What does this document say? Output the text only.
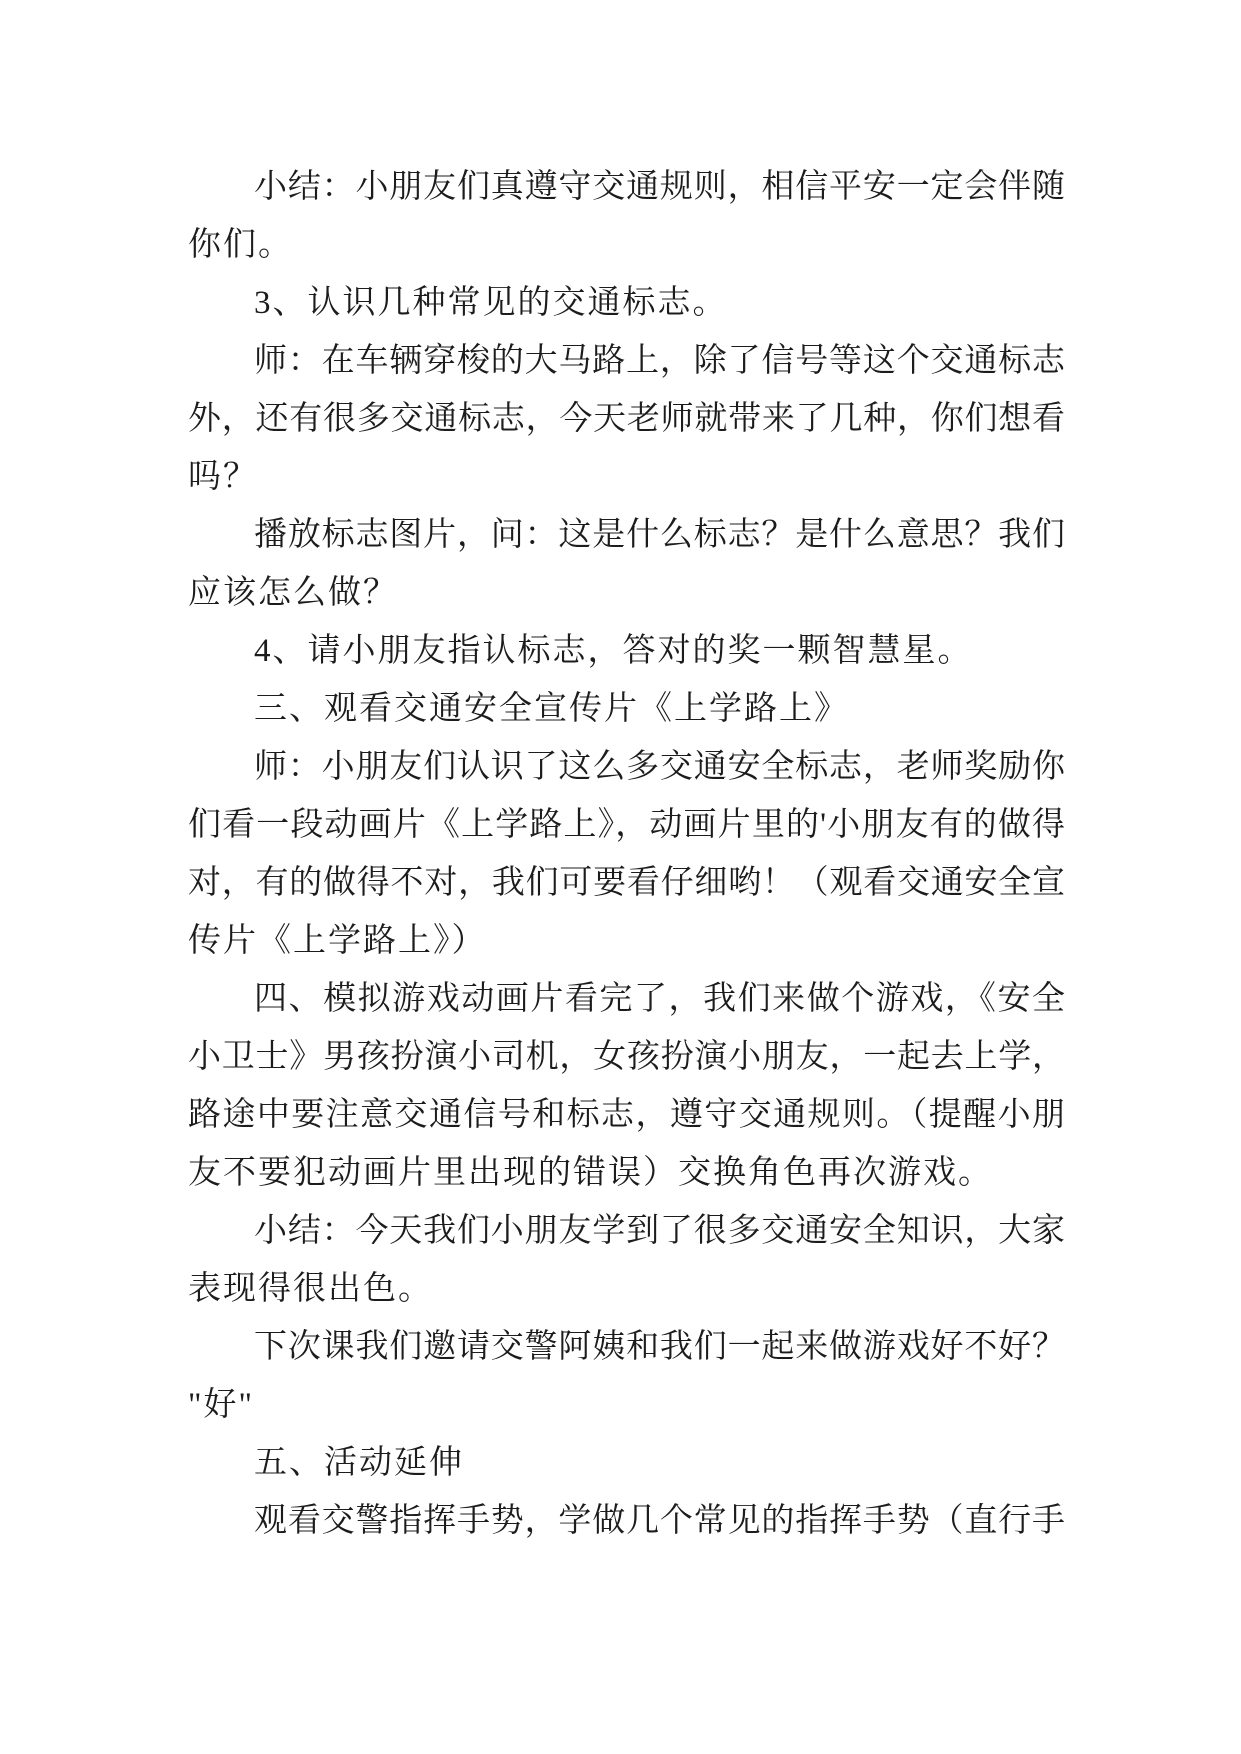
小结：小朋友们真遵守交通规则，相信平安一定会伴随
你们。
3、认识几种常见的交通标志。
师：在车辆穿梭的大马路上，除了信号等这个交通标志
外，还有很多交通标志，今天老师就带来了几种，你们想看
吗？
播放标志图片，问：这是什么标志？是什么意思？我们
应该怎么做？
4、请小朋友指认标志，答对的奖一颗智慧星。
三、观看交通安全宣传片《上学路上》
师：小朋友们认识了这么多交通安全标志，老师奖励你
们看一段动画片《上学路上》，动画片里的'小朋友有的做得
对，有的做得不对，我们可要看仔细哟！（观看交通安全宣
传片《上学路上》）
四、模拟游戏动画片看完了，我们来做个游戏，《安全
小卫士》男孩扮演小司机，女孩扮演小朋友，一起去上学，
路途中要注意交通信号和标志，遵守交通规则。（提醒小朋
友不要犯动画片里出现的错误）交换角色再次游戏。
小结：今天我们小朋友学到了很多交通安全知识，大家
表现得很出色。
下次课我们邀请交警阿姨和我们一起来做游戏好不好？
"好"
五、活动延伸
观看交警指挥手势，学做几个常见的指挥手势（直行手
